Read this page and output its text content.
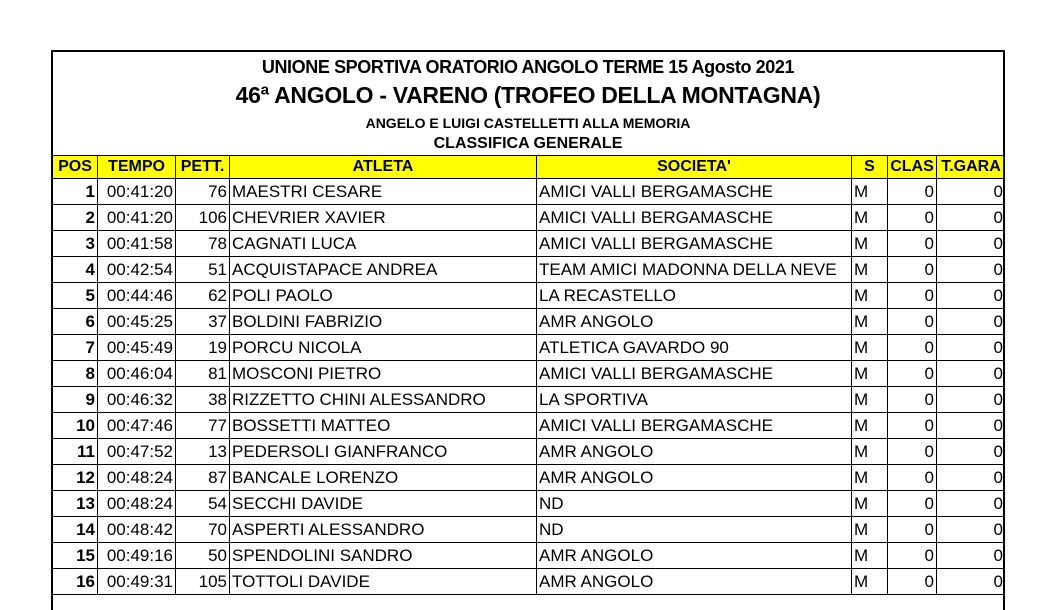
UNIONE SPORTIVA ORATORIO ANGOLO TERME 15 Agosto 2021
46ª ANGOLO - VARENO (TROFEO DELLA MONTAGNA)
ANGELO E LUIGI CASTELLETTI ALLA MEMORIA
CLASSIFICA GENERALE
POS	TEMPO	PETT.	ATLETA	SOCIETA'	S	CLAS	T.GARA
1	00:41:20	76	MAESTRI CESARE	AMICI VALLI BERGAMASCHE	M	0	0
2	00:41:20	106	CHEVRIER XAVIER	AMICI VALLI BERGAMASCHE	M	0	0
3	00:41:58	78	CAGNATI LUCA	AMICI VALLI BERGAMASCHE	M	0	0
4	00:42:54	51	ACQUISTAPACE ANDREA	TEAM AMICI MADONNA DELLA NEVE	M	0	0
5	00:44:46	62	POLI PAOLO	LA RECASTELLO	M	0	0
6	00:45:25	37	BOLDINI FABRIZIO	AMR ANGOLO	M	0	0
7	00:45:49	19	PORCU NICOLA	ATLETICA GAVARDO 90	M	0	0
8	00:46:04	81	MOSCONI PIETRO	AMICI VALLI BERGAMASCHE	M	0	0
9	00:46:32	38	RIZZETTO CHINI ALESSANDRO	LA SPORTIVA	M	0	0
10	00:47:46	77	BOSSETTI MATTEO	AMICI VALLI BERGAMASCHE	M	0	0
11	00:47:52	13	PEDERSOLI GIANFRANCO	AMR ANGOLO	M	0	0
12	00:48:24	87	BANCALE LORENZO	AMR ANGOLO	M	0	0
13	00:48:24	54	SECCHI DAVIDE	ND	M	0	0
14	00:48:42	70	ASPERTI ALESSANDRO	ND	M	0	0
15	00:49:16	50	SPENDOLINI SANDRO	AMR ANGOLO	M	0	0
16	00:49:31	105	TOTTOLI DAVIDE	AMR ANGOLO	M	0	0
